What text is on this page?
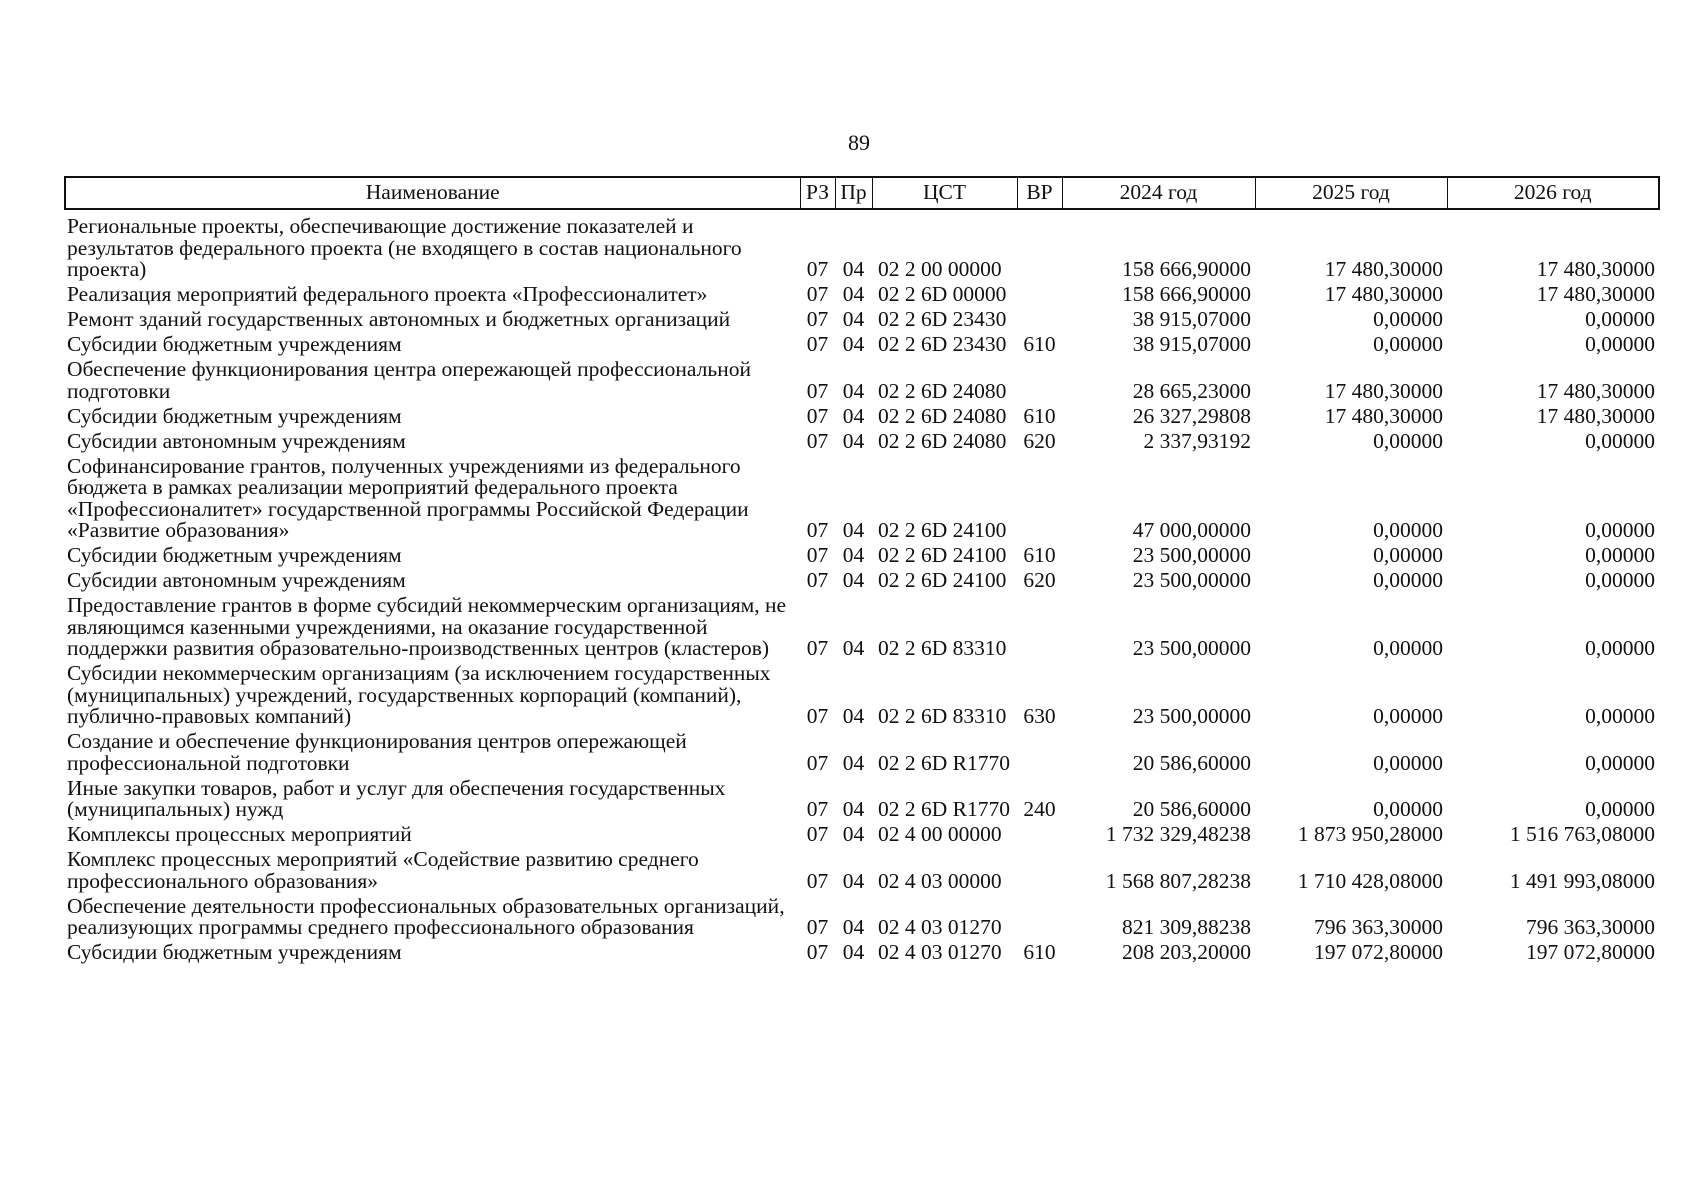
89
Наименование	РЗ	Пр	ЦСТ	ВР	2024 год	2025 год	2026 год
Региональные проекты, обеспечивающие достижение показателей и результатов федерального проекта (не входящего в состав национального проекта)	07	04	02 2 00 00000		158 666,90000	17 480,30000	17 480,30000
Реализация мероприятий федерального проекта «Профессионалитет»	07	04	02 2 6D 00000		158 666,90000	17 480,30000	17 480,30000
Ремонт зданий государственных автономных и бюджетных организаций	07	04	02 2 6D 23430		38 915,07000	0,00000	0,00000
Субсидии бюджетным учреждениям	07	04	02 2 6D 23430	610	38 915,07000	0,00000	0,00000
Обеспечение функционирования центра опережающей профессиональной подготовки	07	04	02 2 6D 24080		28 665,23000	17 480,30000	17 480,30000
Субсидии бюджетным учреждениям	07	04	02 2 6D 24080	610	26 327,29808	17 480,30000	17 480,30000
Субсидии автономным учреждениям	07	04	02 2 6D 24080	620	2 337,93192	0,00000	0,00000
Софинансирование грантов, полученных учреждениями из федерального бюджета в рамках реализации мероприятий федерального проекта «Профессионалитет» государственной программы Российской Федерации «Развитие образования»	07	04	02 2 6D 24100		47 000,00000	0,00000	0,00000
Субсидии бюджетным учреждениям	07	04	02 2 6D 24100	610	23 500,00000	0,00000	0,00000
Субсидии автономным учреждениям	07	04	02 2 6D 24100	620	23 500,00000	0,00000	0,00000
Предоставление грантов в форме субсидий некоммерческим организациям, не являющимся казенными учреждениями, на оказание государственной поддержки развития образовательно-производственных центров (кластеров)	07	04	02 2 6D 83310		23 500,00000	0,00000	0,00000
Субсидии некоммерческим организациям (за исключением государственных (муниципальных) учреждений, государственных корпораций (компаний), публично-правовых компаний)	07	04	02 2 6D 83310	630	23 500,00000	0,00000	0,00000
Создание и обеспечение функционирования центров опережающей профессиональной подготовки	07	04	02 2 6D R1770		20 586,60000	0,00000	0,00000
Иные закупки товаров, работ и услуг для обеспечения государственных (муниципальных) нужд	07	04	02 2 6D R1770	240	20 586,60000	0,00000	0,00000
Комплексы процессных мероприятий	07	04	02 4 00 00000		1 732 329,48238	1 873 950,28000	1 516 763,08000
Комплекс процессных мероприятий «Содействие развитию среднего профессионального образования»	07	04	02 4 03 00000		1 568 807,28238	1 710 428,08000	1 491 993,08000
Обеспечение деятельности профессиональных образовательных организаций, реализующих программы среднего профессионального образования	07	04	02 4 03 01270		821 309,88238	796 363,30000	796 363,30000
Субсидии бюджетным учреждениям	07	04	02 4 03 01270	610	208 203,20000	197 072,80000	197 072,80000
